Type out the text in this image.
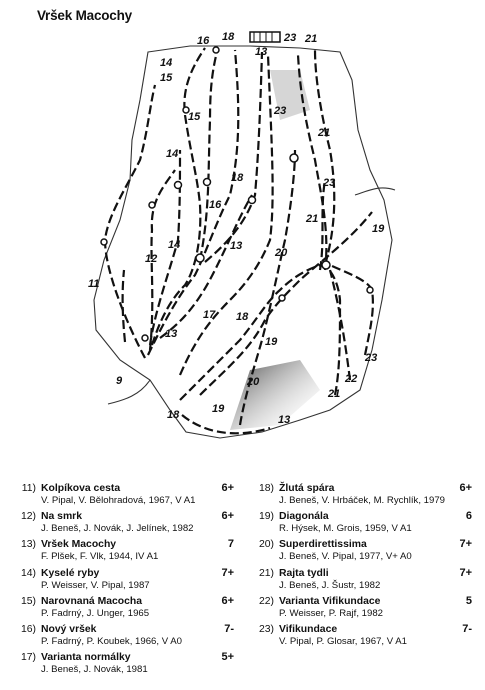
Vršek Macochy
16 18
13
23 21
14
15
15	23
21
14
18	23
16
21
14	13
19
20
11
12
17 18
19
13
20
23
22
21
9
18	19
13
11) Kolpíkova cesta	6+
V. Pipal, V. Bělohradová, 1967, V A1
12) Na smrk	6+
J. Beneš, J. Novák, J. Jelínek, 1982
13) Vršek Macochy	7
F. Plšek, F. Vlk, 1944, IV A1
14) Kyselé ryby	7+
P. Weisser, V. Pipal, 1987
15) Narovnaná Macocha	6+
P. Fadrný, J. Unger, 1965
16) Nový vršek	7-
P. Fadrný, P. Koubek, 1966, V A0
17) Varianta normálky	5+
J. Beneš, J. Novák, 1981
18) Žlutá spára	6+
J. Beneš, V. Hrbáček, M. Rychlík, 1979
19) Diagonála	6
R. Hýsek, M. Grois, 1959, V A1
20) Superdirettissima	7+
J. Beneš, V. Pipal, 1977, V+ A0
21) Rajta tydli	7+
J. Beneš, J. Šustr, 1982
22) Varianta Vifikundace	5
P. Weisser, P. Rajf, 1982
23) Vifikundace	7-
V. Pipal, P. Glosar, 1967, V A1
